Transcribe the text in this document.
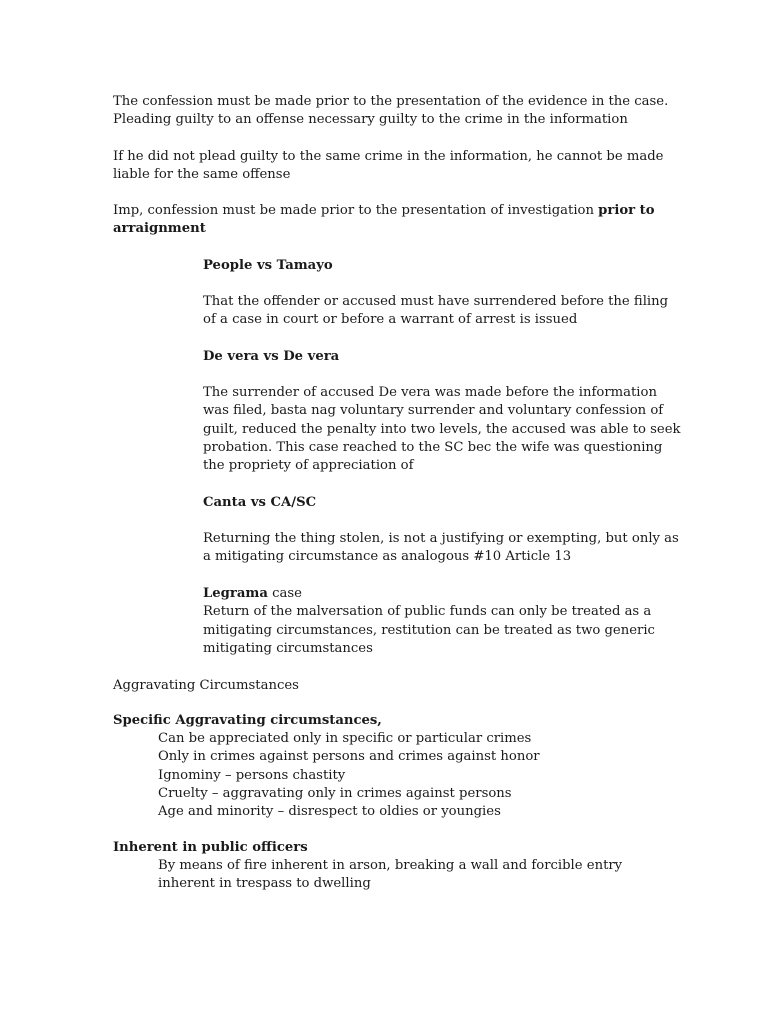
The confession must be made prior to the presentation of the evidence in the case.
Pleading guilty to an offense necessary guilty to the crime in the information

If he did not plead guilty to the same crime in the information, he cannot be made
liable for the same offense

Imp, confession must be made prior to the presentation of investigation prior to
arraignment

People vs Tamayo

That the offender or accused must have surrendered before the filing
of a case in court or before a warrant of arrest is issued

De vera vs De vera

The surrender of accused De vera was made before the information
was filed, basta nag voluntary surrender and voluntary confession of
guilt, reduced the penalty into two levels, the accused was able to seek
probation. This case reached to the SC bec the wife was questioning
the propriety of appreciation of

Canta vs CA/SC

Returning the thing stolen, is not a justifying or exempting, but only as
a mitigating circumstance as analogous #10 Article 13

Legrama case
Return of the malversation of public funds can only be treated as a
mitigating circumstances, restitution can be treated as two generic
mitigating circumstances

Aggravating Circumstances

Specific Aggravating circumstances,

Can be appreciated only in specific or particular crimes
Only in crimes against persons and crimes against honor
Ignominy – persons chastity
Cruelty – aggravating only in crimes against persons
Age and minority – disrespect to oldies or youngies

Inherent in public officers

By means of fire inherent in arson, breaking a wall and forcible entry
inherent in trespass to dwelling
